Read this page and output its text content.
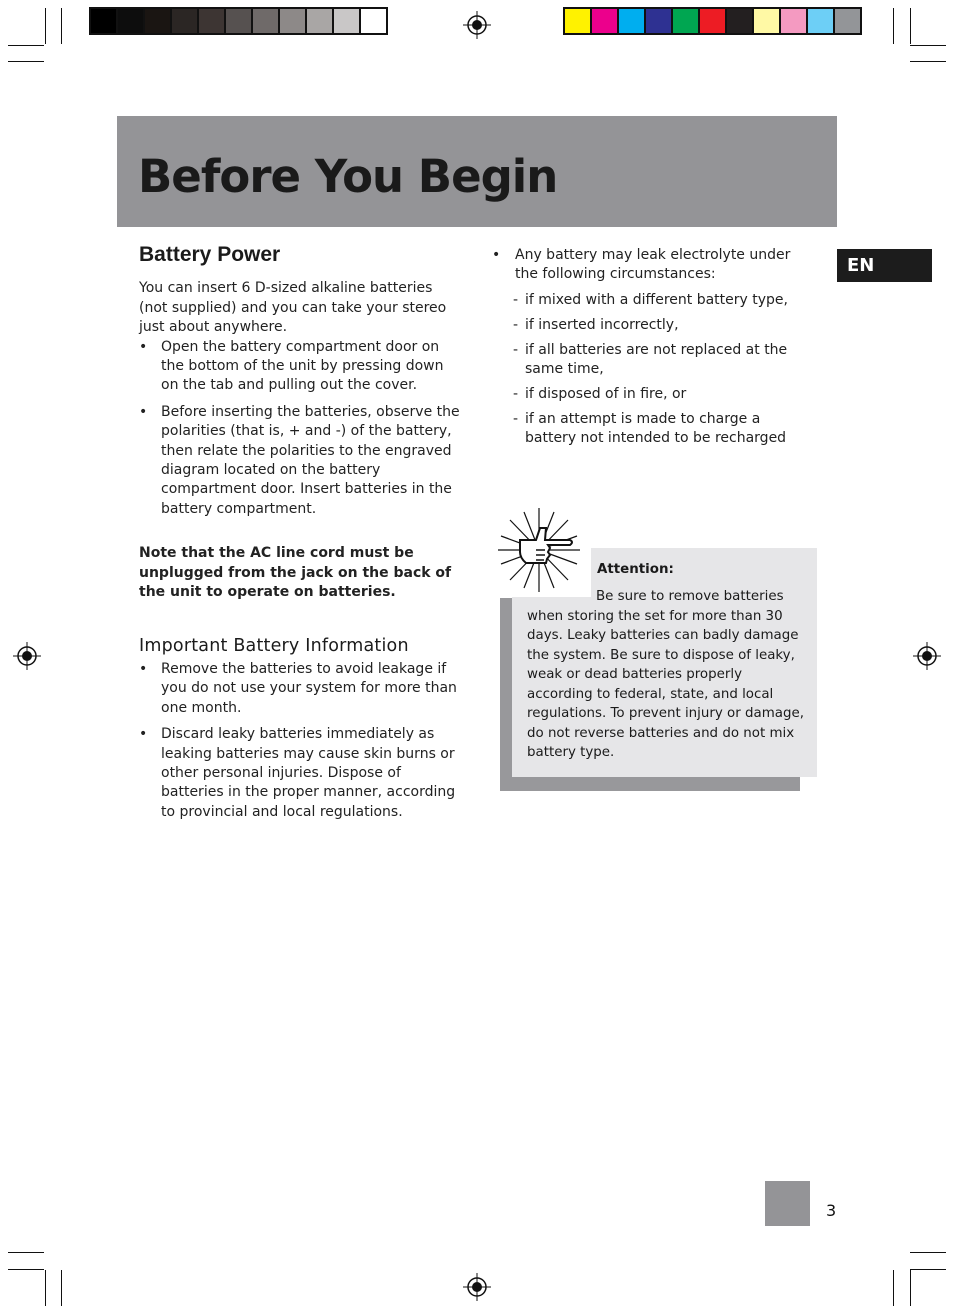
Before You Begin
EN
Battery Power

You can insert 6 D-sized alkaline batteries (not supplied) and you can take your stereo just about anywhere.

• Open the battery compartment door on the bottom of the unit by pressing down on the tab and pulling out the cover.
• Before inserting the batteries, observe the polarities (that is, + and -) of the battery, then relate the polarities to the engraved diagram located on the battery compartment door. Insert batteries in the battery compartment.

Note that the AC line cord must be unplugged from the jack on the back of the unit to operate on batteries.

Important Battery Information
• Remove the batteries to avoid leakage if you do not use your system for more than one month.
• Discard leaky batteries immediately as leaking batteries may cause skin burns or other personal injuries. Dispose of batteries in the proper manner, according to provincial and local regulations.
• Any battery may leak electrolyte under the following circumstances:
- if mixed with a different battery type,
- if inserted incorrectly,
- if all batteries are not replaced at the same time,
- if disposed of in fire, or
- if an attempt is made to charge a battery not intended to be recharged
Attention:

Be sure to remove batteries when storing the set for more than 30 days. Leaky batteries can badly damage the system. Be sure to dispose of leaky, weak or dead batteries properly according to federal, state, and local regulations. To prevent injury or damage, do not reverse batteries and do not mix battery type.

3
